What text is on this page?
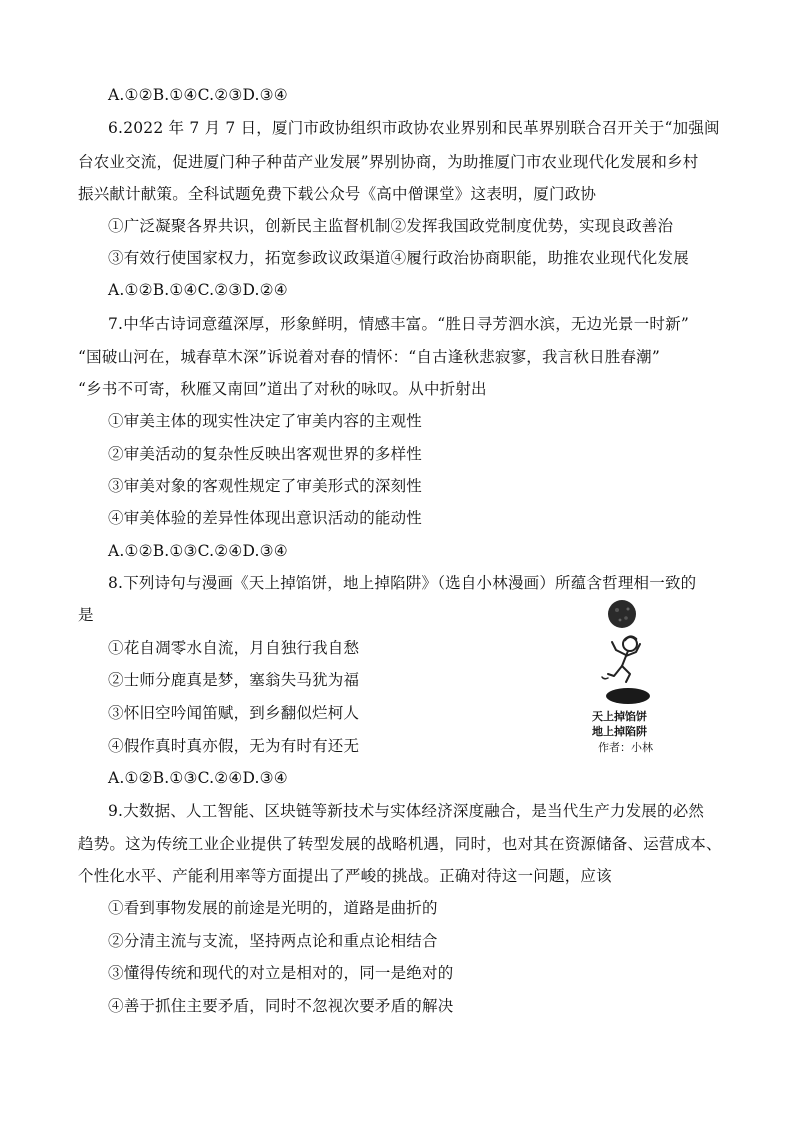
A.①②B.①④C.②③D.③④
6.2022 年 7 月 7 日，厦门市政协组织市政协农业界别和民革界别联合召开关于“加强闽
台农业交流，促进厦门种子种苗产业发展”界别协商，为助推厦门市农业现代化发展和乡村
振兴献计献策。全科试题免费下载公众号《高中僧课堂》这表明，厦门政协
①广泛凝聚各界共识，创新民主监督机制②发挥我国政党制度优势，实现良政善治
③有效行使国家权力，拓宽参政议政渠道④履行政治协商职能，助推农业现代化发展
A.①②B.①④C.②③D.②④
7.中华古诗词意蕴深厚，形象鲜明，情感丰富。“胜日寻芳泗水滨，无边光景一时新”
“国破山河在，城春草木深”诉说着对春的情怀：“自古逢秋悲寂寥，我言秋日胜春潮”
“乡书不可寄，秋雁又南回”道出了对秋的咏叹。从中折射出
①审美主体的现实性决定了审美内容的主观性
②审美活动的复杂性反映出客观世界的多样性
③审美对象的客观性规定了审美形式的深刻性
④审美体验的差异性体现出意识活动的能动性
A.①②B.①③C.②④D.③④
8.下列诗句与漫画《天上掉馅饼，地上掉陷阱》（选自小林漫画）所蕴含哲理相一致的
是
①花自凋零水自流，月自独行我自愁
②士师分鹿真是梦，塞翁失马犹为福
③怀旧空吟闻笛赋，到乡翻似烂柯人
④假作真时真亦假，无为有时有还无
A.①②B.①③C.②④D.③④
天上掉馅饼
地上掉陷阱
作者：小林
9.大数据、人工智能、区块链等新技术与实体经济深度融合，是当代生产力发展的必然
趋势。这为传统工业企业提供了转型发展的战略机遇，同时，也对其在资源储备、运营成本、
个性化水平、产能利用率等方面提出了严峻的挑战。正确对待这一问题，应该
①看到事物发展的前途是光明的，道路是曲折的
②分清主流与支流，坚持两点论和重点论相结合
③懂得传统和现代的对立是相对的，同一是绝对的
④善于抓住主要矛盾，同时不忽视次要矛盾的解决
